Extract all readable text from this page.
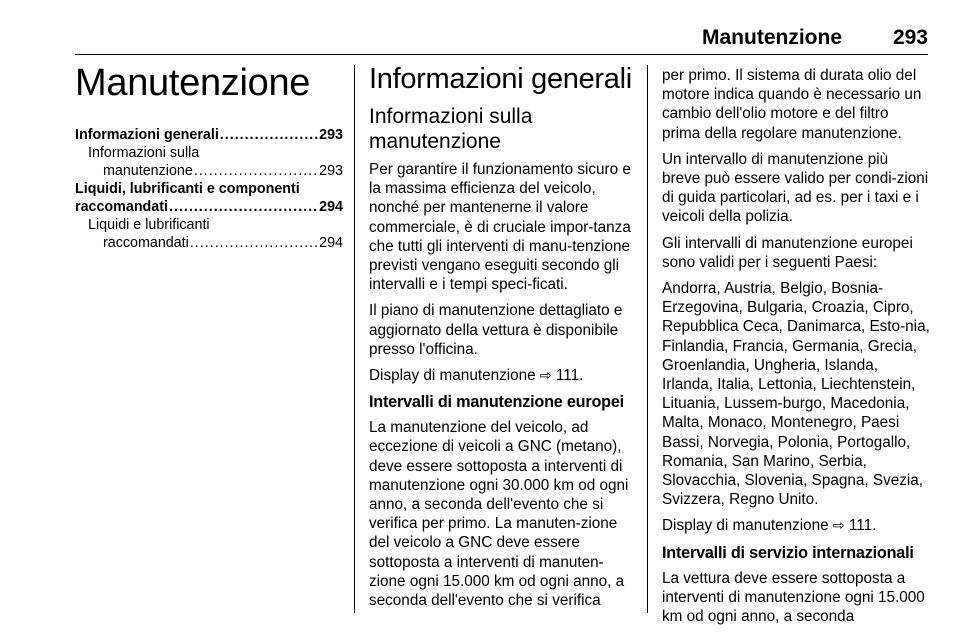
Manutenzione 293
Manutenzione
Informazioni generali .....	293
Informazioni sulla
manutenzione .....	293
Liquidi, lubrificanti e componenti
raccomandati .....	294
Liquidi e lubrificanti
raccomandati .....	294
Informazioni generali
Informazioni sulla
manutenzione

Per garantire il funzionamento sicuro e la massima efficienza del veicolo, nonché per mantenerne il valore commerciale, è di cruciale impor-tanza che tutti gli interventi di manu-tenzione previsti vengano eseguiti secondo gli intervalli e i tempi speci-ficati.

Il piano di manutenzione dettagliato e aggiornato della vettura è disponibile presso l'officina.

Display di manutenzione ⇨ 111.

Intervalli di manutenzione europei

La manutenzione del veicolo, ad eccezione di veicoli a GNC (metano), deve essere sottoposta a interventi di manutenzione ogni 30.000 km od ogni anno, a seconda dell'evento che si verifica per primo. La manuten-zione del veicolo a GNC deve essere sottoposta a interventi di manuten-zione ogni 15.000 km od ogni anno, a seconda dell'evento che si verifica

per primo. Il sistema di durata olio del motore indica quando è necessario un cambio dell'olio motore e del filtro prima della regolare manutenzione.

Un intervallo di manutenzione più breve può essere valido per condi-zioni di guida particolari, ad es. per i taxi e i veicoli della polizia.

Gli intervalli di manutenzione europei sono validi per i seguenti Paesi:

Andorra, Austria, Belgio, Bosnia-Erzegovina, Bulgaria, Croazia, Cipro, Repubblica Ceca, Danimarca, Esto-nia, Finlandia, Francia, Germania, Grecia, Groenlandia, Ungheria, Islanda, Irlanda, Italia, Lettonia, Liechtenstein, Lituania, Lussem-burgo, Macedonia, Malta, Monaco, Montenegro, Paesi Bassi, Norvegia, Polonia, Portogallo, Romania, San Marino, Serbia, Slovacchia, Slovenia, Spagna, Svezia, Svizzera, Regno Unito.

Display di manutenzione ⇨ 111.

Intervalli di servizio internazionali

La vettura deve essere sottoposta a interventi di manutenzione ogni 15.000 km od ogni anno, a seconda
